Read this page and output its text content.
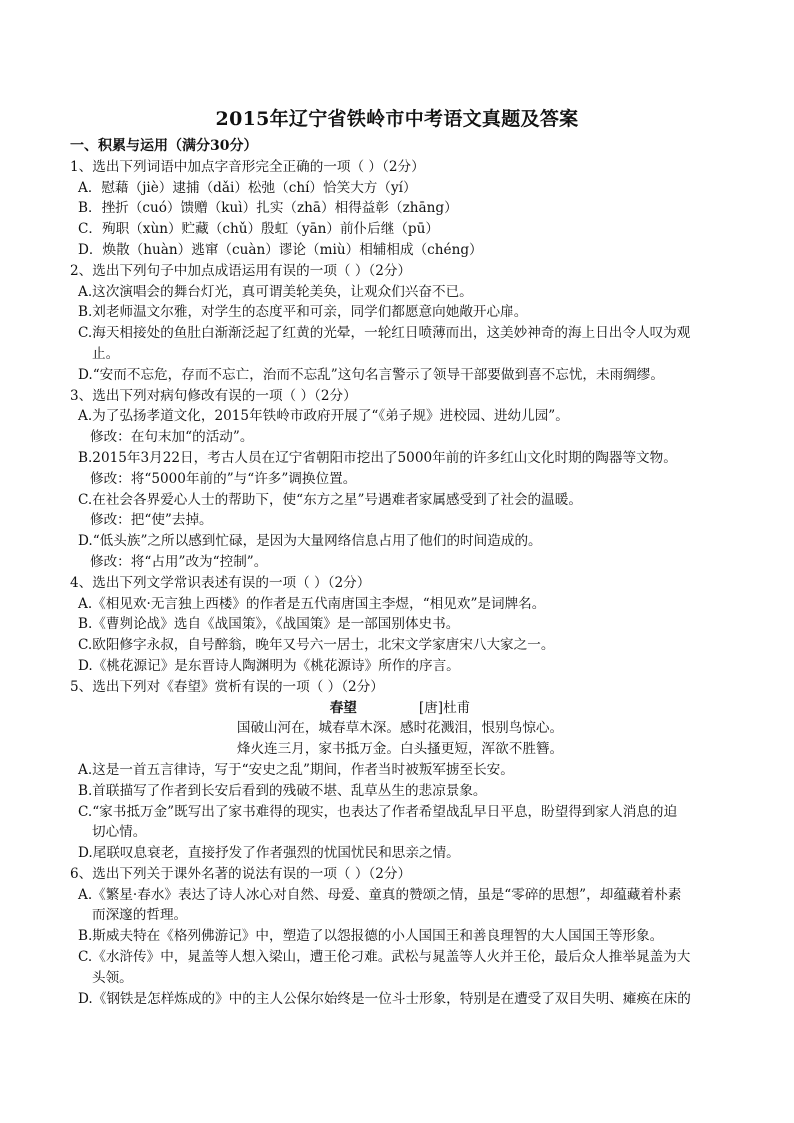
2015年辽宁省铁岭市中考语文真题及答案

一、积累与运用（满分30分）

1、选出下列词语中加点字音形完全正确的一项（ ）（2分）

A．慰藉（jiè）逮捕（dǎi）松弛（chí）恰笑大方（yí）

B．挫折（cuó）馈赠（kuì）扎实（zhā）相得益彰（zhāng）

C．殉职（xùn）贮藏（chǔ）殷虹（yān）前仆后继（pū）

D．焕散（huàn）逃窜（cuàn）谬论（miù）相辅相成（chéng）

2、选出下列句子中加点成语运用有误的一项（ ）（2分）

A.这次演唱会的舞台灯光，真可谓美轮美奂，让观众们兴奋不已。

B.刘老师温文尔雅，对学生的态度平和可亲，同学们都愿意向她敞开心扉。

C.海天相接处的鱼肚白渐渐泛起了红黄的光晕，一轮红日喷薄而出，这美妙神奇的海上日出令人叹为观

止。

D.“安而不忘危，存而不忘亡，治而不忘乱”这句名言警示了领导干部要做到喜不忘忧，未雨绸缪。

3、选出下列对病句修改有误的一项（ ）（2分）

A.为了弘扬孝道文化，2015年铁岭市政府开展了“《弟子规》进校园、进幼儿园”。

修改：在句末加“的活动”。

B.2015年3月22日，考古人员在辽宁省朝阳市挖出了5000年前的许多红山文化时期的陶器等文物。

修改：将“5000年前的”与“许多”调换位置。

C.在社会各界爱心人士的帮助下，使“东方之星”号遇难者家属感受到了社会的温暖。

修改：把“使”去掉。

D.“低头族”之所以感到忙碌，是因为大量网络信息占用了他们的时间造成的。

修改：将“占用”改为“控制”。

4、选出下列文学常识表述有误的一项（ ）（2分）

A.《相见欢·无言独上西楼》的作者是五代南唐国主李煜，“相见欢”是词牌名。

B.《曹刿论战》选自《战国策》，《战国策》是一部国别体史书。

C.欧阳修字永叔，自号醉翁，晚年又号六一居士，北宋文学家唐宋八大家之一。

D.《桃花源记》是东晋诗人陶渊明为《桃花源诗》所作的序言。

5、选出下列对《春望》赏析有误的一项（ ）（2分）

春望	[唐]杜甫

国破山河在，城春草木深。感时花溅泪，恨别鸟惊心。

烽火连三月，家书抵万金。白头搔更短，浑欲不胜簪。

A.这是一首五言律诗，写于“安史之乱”期间，作者当时被叛军掳至长安。

B.首联描写了作者到长安后看到的残破不堪、乱草丛生的悲凉景象。

C.“家书抵万金”既写出了家书难得的现实，也表达了作者希望战乱早日平息，盼望得到家人消息的迫

切心情。

D.尾联叹息衰老，直接抒发了作者强烈的忧国忧民和思亲之情。

6、选出下列关于课外名著的说法有误的一项（ ）（2分）

A.《繁星·春水》表达了诗人冰心对自然、母爱、童真的赞颂之情，虽是“零碎的思想”，却蕴藏着朴素

而深邃的哲理。

B.斯威夫特在《格列佛游记》中，塑造了以怨报德的小人国国王和善良理智的大人国国王等形象。

C.《水浒传》中，晁盖等人想入梁山，遭王伦刁难。武松与晁盖等人火并王伦，最后众人推举晁盖为大

头领。

D.《钢铁是怎样炼成的》中的主人公保尔始终是一位斗士形象，特别是在遭受了双目失明、瘫痪在床的
